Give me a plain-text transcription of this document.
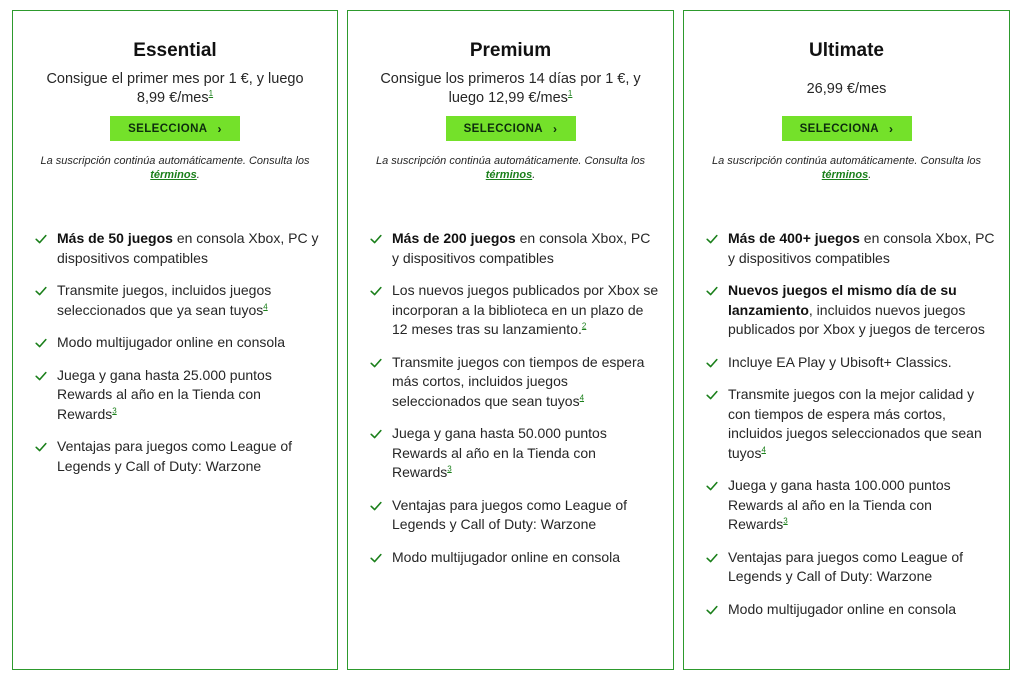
Essential
Consigue el primer mes por 1 €, y luego 8,99 €/mes$^1$
SELECCIONA ›
La suscripción continúa automáticamente. Consulta los términos.
Más de 50 juegos en consola Xbox, PC y dispositivos compatibles
Transmite juegos, incluidos juegos seleccionados que ya sean tuyos$^4$
Modo multijugador online en consola
Juega y gana hasta 25.000 puntos Rewards al año en la Tienda con Rewards$^3$
Ventajas para juegos como League of Legends y Call of Duty: Warzone
Premium
Consigue los primeros 14 días por 1 €, y luego 12,99 €/mes$^1$
SELECCIONA ›
La suscripción continúa automáticamente. Consulta los términos.
Más de 200 juegos en consola Xbox, PC y dispositivos compatibles
Los nuevos juegos publicados por Xbox se incorporan a la biblioteca en un plazo de 12 meses tras su lanzamiento.$^2$
Transmite juegos con tiempos de espera más cortos, incluidos juegos seleccionados que sean tuyos$^4$
Juega y gana hasta 50.000 puntos Rewards al año en la Tienda con Rewards$^3$
Ventajas para juegos como League of Legends y Call of Duty: Warzone
Modo multijugador online en consola
Ultimate
26,99 €/mes
SELECCIONA ›
La suscripción continúa automáticamente. Consulta los términos.
Más de 400+ juegos en consola Xbox, PC y dispositivos compatibles
Nuevos juegos el mismo día de su lanzamiento, incluidos nuevos juegos publicados por Xbox y juegos de terceros
Incluye EA Play y Ubisoft+ Classics.
Transmite juegos con la mejor calidad y con tiempos de espera más cortos, incluidos juegos seleccionados que sean tuyos$^4$
Juega y gana hasta 100.000 puntos Rewards al año en la Tienda con Rewards$^3$
Ventajas para juegos como League of Legends y Call of Duty: Warzone
Modo multijugador online en consola
